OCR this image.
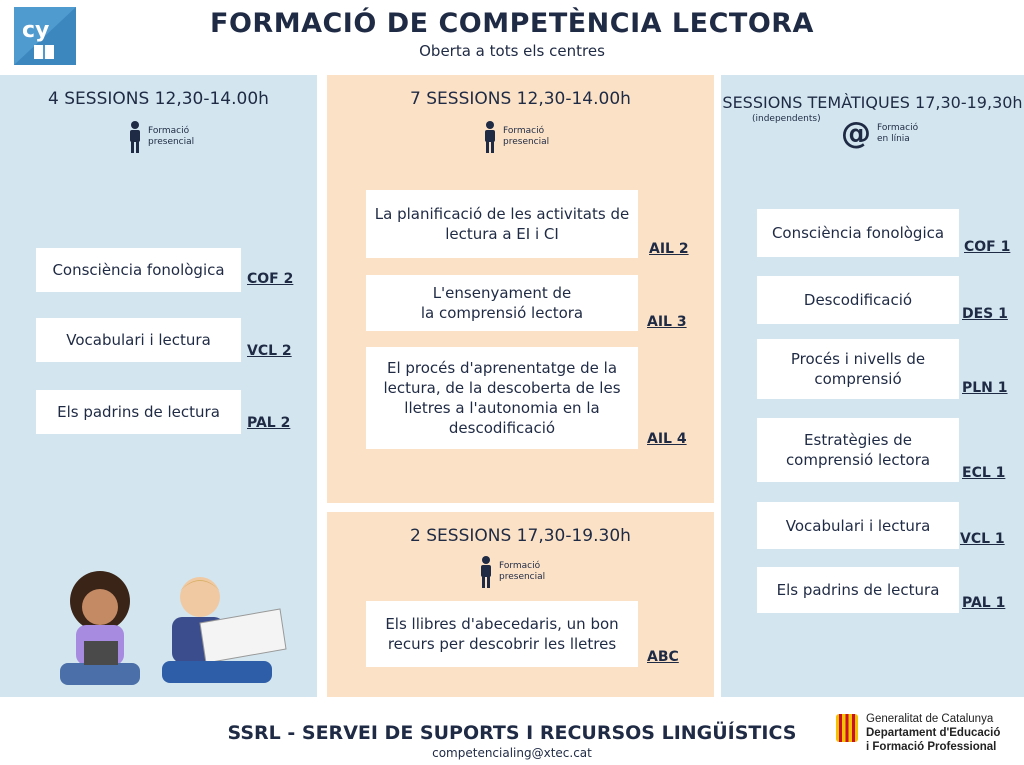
cy	FORMACIÓ DE COMPETÈNCIA LECTORA
Oberta a tots els centres
4 SESSIONS 12,30-14.00h
Formació
presencial
Consciència fonològica COF 2
Vocabulari i lectura
VCL 2
Els padrins de lectura
PAL 2
7 SESSIONS 12,30-14.00h
Formació
presencial
La planificació de les activitats de
lectura a EI i CI
AIL 2
L'ensenyament de
la comprensió lectora	AIL 3
El procés d'aprenentatge de la
lectura, de la descoberta de les
lletres a l'autonomia en la
descodificació
AIL 4
2 SESSIONS 17,30-19.30h
Formació
presencial
Els llibres d'abecedaris, un bon
recurs per descobrir les lletres
ABC
SESSIONS TEMÀTIQUES 17,30-19,30h
(independents) @ Formació
en línia
Consciència fonològica
COF 1
Descodificació
DES 1
Procés i nivells de
comprensió	PLN 1
Estratègies de
comprensió lectora
ECL 1
Vocabulari i lectura
VCL 1
Els padrins de lectura
PAL 1
SSRL - SERVEI DE SUPORTS I RECURSOS LINGÜÍSTICS
competencialing@xtec.cat
Generalitat de Catalunya
Departament d'Educació
i Formació Professional
